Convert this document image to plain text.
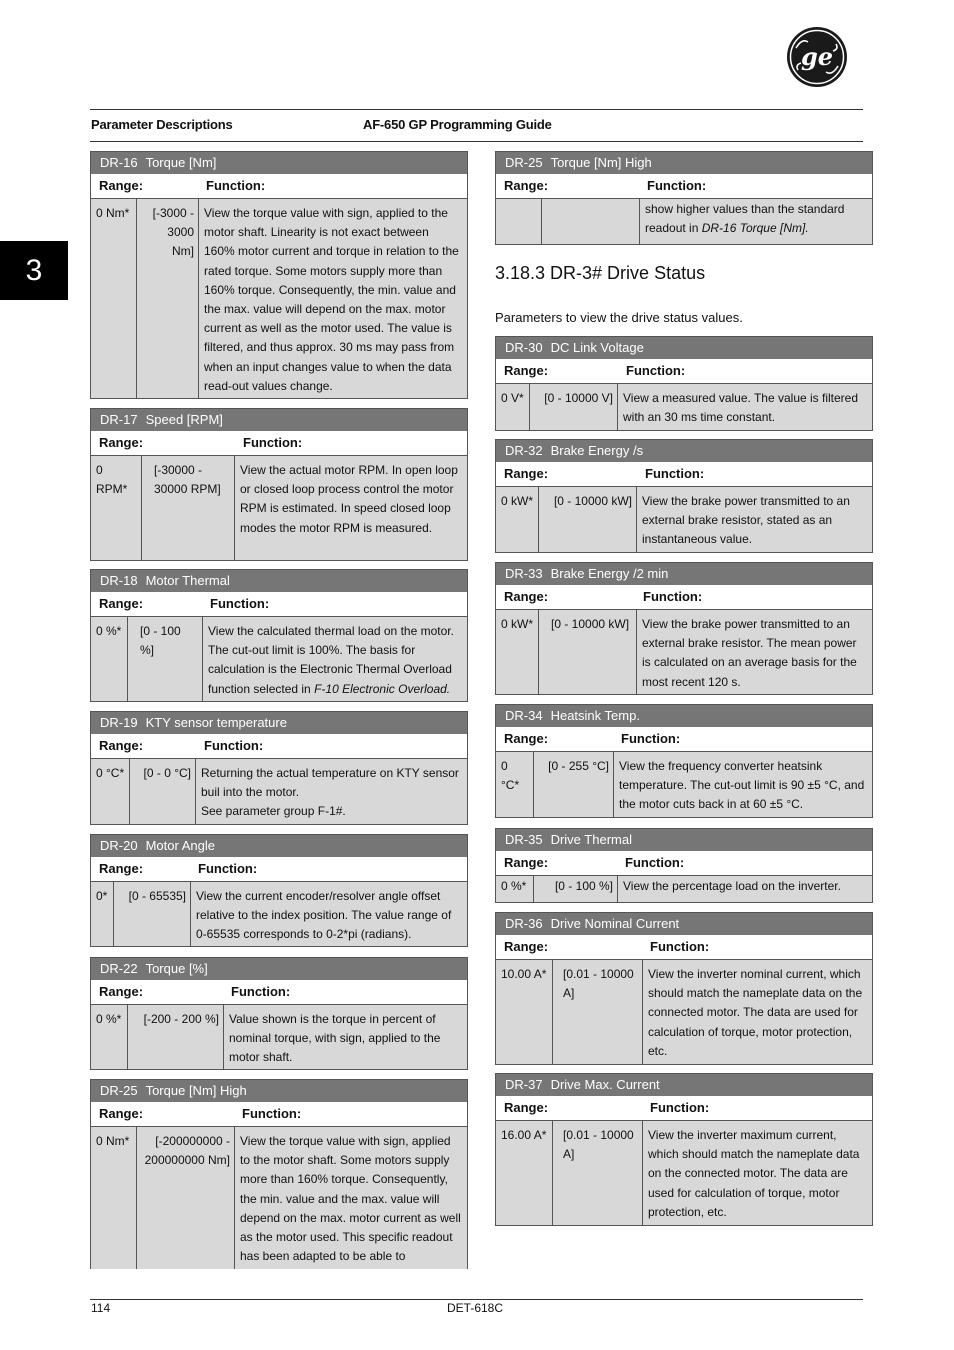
ge
Parameter Descriptions	AF-650 GP Programming Guide
3
DR-16 Torque [Nm]
Range:	Function:
0 Nm*	[-3000 - 3000 Nm]
View the torque value with sign, applied to the motor shaft. Linearity is not exact between 160% motor current and torque in relation to the rated torque. Some motors supply more than 160% torque. Consequently, the min. value and the max. value will depend on the max. motor current as well as the motor used. The value is filtered, and thus approx. 30 ms may pass from when an input changes value to when the data read-out values change.
DR-17 Speed [RPM]
Range:	Function:
0 RPM*
[-30000 - 30000 RPM]
View the actual motor RPM. In open loop or closed loop process control the motor RPM is estimated. In speed closed loop modes the motor RPM is measured.
DR-18 Motor Thermal
Range:	Function:
0 %*	[0 - 100 %]
View the calculated thermal load on the motor. The cut-out limit is 100%. The basis for calculation is the Electronic Thermal Overload function selected in F-10 Electronic Overload.
DR-19 KTY sensor temperature
Range:	Function:
0 °C*	[0 - 0 °C] Returning the actual temperature on KTY sensor buil into the motor.
See parameter group F-1#.
DR-20 Motor Angle
Range:	Function:
0*	[0 - 65535] View the current encoder/resolver angle offset relative to the index position. The value range of 0-65535 corresponds to 0-2*pi (radians).
DR-22 Torque [%]
Range:	Function:
0 %*	[-200 - 200 %] Value shown is the torque in percent of nominal torque, with sign, applied to the motor shaft.
DR-25 Torque [Nm] High
Range:	Function:
0 Nm*	[-200000000 - 200000000 Nm]
View the torque value with sign, applied to the motor shaft. Some motors supply more than 160% torque. Consequently, the min. value and the max. value will depend on the max. motor current as well as the motor used. This specific readout has been adapted to be able to
DR-25 Torque [Nm] High
Range:	Function:
show higher values than the standard readout in DR-16 Torque [Nm].
3.18.3 DR-3# Drive Status
Parameters to view the drive status values.
DR-30 DC Link Voltage
Range:	Function:
0 V*	[0 - 10000 V] View a measured value. The value is filtered with an 30 ms time constant.
DR-32 Brake Energy /s
Range:	Function:
0 kW*	[0 - 10000 kW] View the brake power transmitted to an external brake resistor, stated as an instantaneous value.
DR-33 Brake Energy /2 min
Range:	Function:
0 kW*	[0 - 10000 kW]	View the brake power transmitted to an external brake resistor. The mean power is calculated on an average basis for the most recent 120 s.
DR-34 Heatsink Temp.
Range:	Function:
0 °C*
[0 - 255 °C] View the frequency converter heatsink temperature. The cut-out limit is 90 ±5 °C, and the motor cuts back in at 60 ±5 °C.
DR-35 Drive Thermal
Range:	Function:
0 %*	[0 - 100 %] View the percentage load on the inverter.
DR-36 Drive Nominal Current
Range:	Function:
10.00 A*	[0.01 - 10000 A]
View the inverter nominal current, which should match the nameplate data on the connected motor. The data are used for calculation of torque, motor protection, etc.
DR-37 Drive Max. Current
Range:	Function:
16.00 A*	[0.01 - 10000 A]
View the inverter maximum current, which should match the nameplate data on the connected motor. The data are used for calculation of torque, motor protection, etc.
114	DET-618C
